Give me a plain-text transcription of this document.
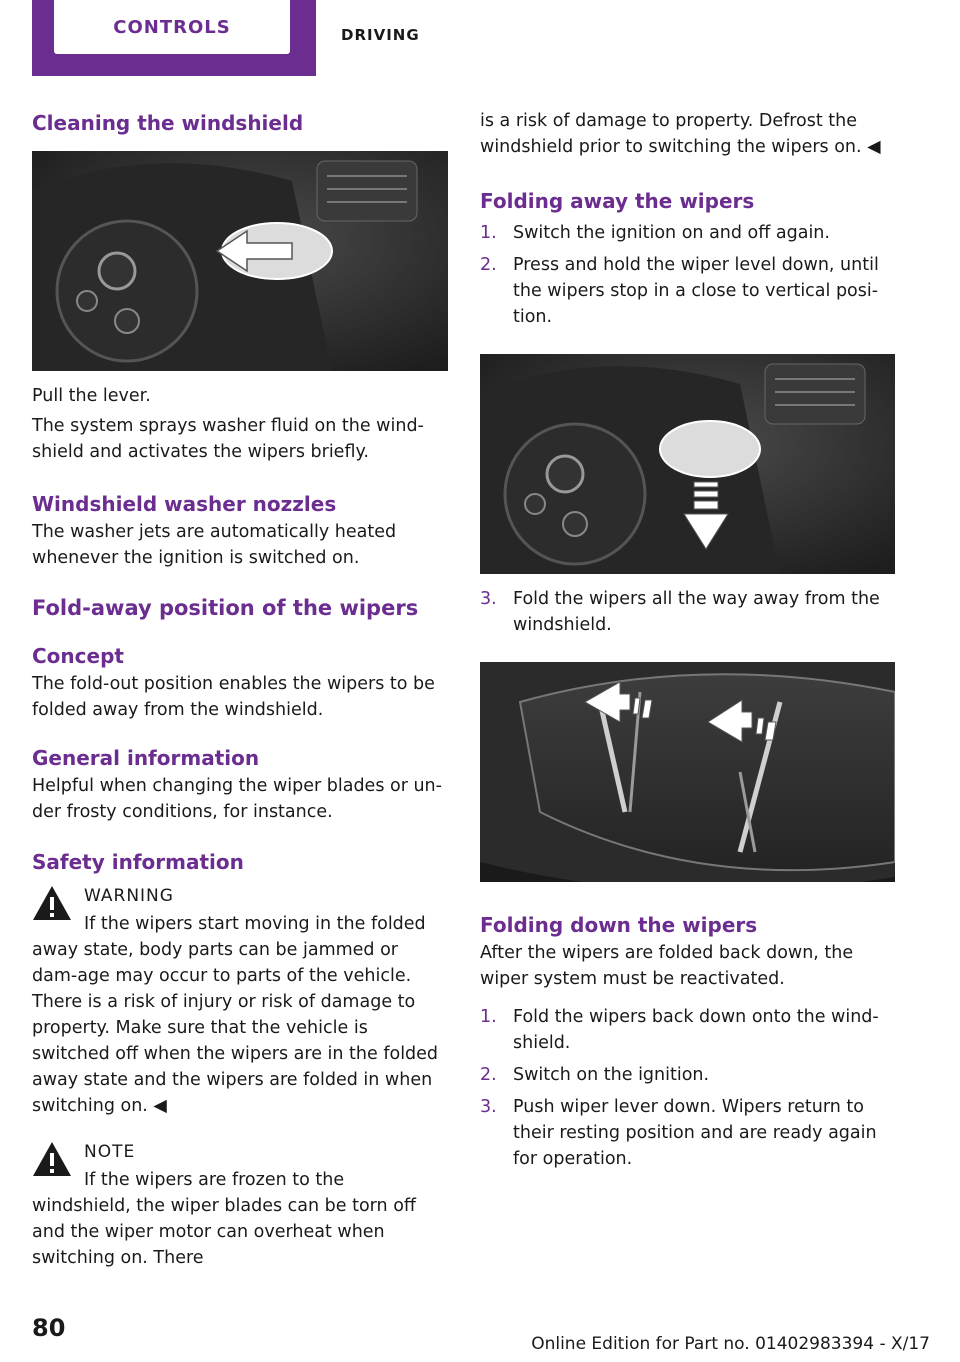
CONTROLS	DRIVING
Cleaning the windshield

Pull the lever.

The system sprays washer fluid on the wind‐shield and activates the wipers briefly.

Windshield washer nozzles

The washer jets are automatically heated whenever the ignition is switched on.

Fold-away position of the wipers
Concept

The fold-out position enables the wipers to be folded away from the windshield.

General information

Helpful when changing the wiper blades or un‐der frosty conditions, for instance.

Safety information
WARNING

If the wipers start moving in the folded away state, body parts can be jammed or dam‐age may occur to parts of the vehicle. There is a risk of injury or risk of damage to property. Make sure that the vehicle is switched off when the wipers are in the folded away state and the wipers are folded in when switching on. ◀

NOTE

If the wipers are frozen to the windshield, the wiper blades can be torn off and the wiper motor can overheat when switching on. There

is a risk of damage to property. Defrost the windshield prior to switching the wipers on. ◀

Folding away the wipers
1. Switch the ignition on and off again.
2. Press and hold the wiper level down, until the wipers stop in a close to vertical posi‐tion.
3. Fold the wipers all the way away from the windshield.
Folding down the wipers

After the wipers are folded back down, the wiper system must be reactivated.

1. Fold the wipers back down onto the wind‐shield.
2. Switch on the ignition.
3. Push wiper lever down. Wipers return to their resting position and are ready again for operation.
80
Online Edition for Part no. 01402983394 - X/17
